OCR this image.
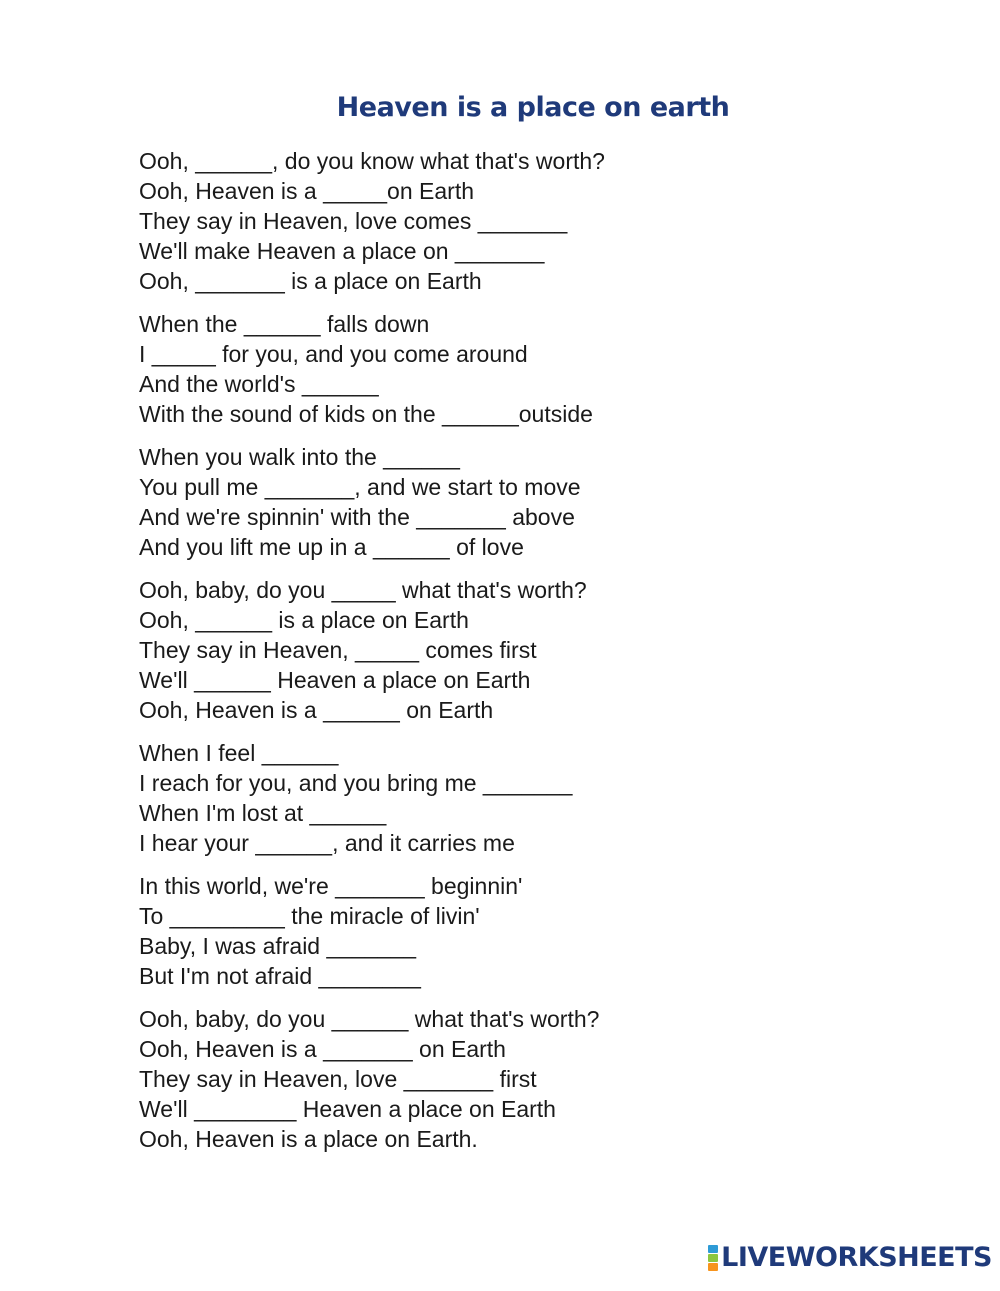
Heaven is a place on earth
Ooh, ______, do you know what that's worth?
Ooh, Heaven is a _____on Earth
They say in Heaven, love comes _______
We'll make Heaven a place on _______
Ooh, _______ is a place on Earth
When the ______ falls down
I _____ for you, and you come around
And the world's ______
With the sound of kids on the ______outside
When you walk into the ______
You pull me _______, and we start to move
And we're spinnin' with the _______ above
And you lift me up in a ______ of love
Ooh, baby, do you _____ what that's worth?
Ooh, ______ is a place on Earth
They say in Heaven, _____ comes first
We'll ______ Heaven a place on Earth
Ooh, Heaven is a ______ on Earth
When I feel ______
I reach for you, and you bring me _______
When I'm lost at ______
I hear your ______, and it carries me
In this world, we're _______ beginnin'
To _________ the miracle of livin'
Baby, I was afraid _______
But I'm not afraid ________
Ooh, baby, do you ______ what that's worth?
Ooh, Heaven is a _______ on Earth
They say in Heaven, love _______ first
We'll ________ Heaven a place on Earth
Ooh, Heaven is a place on Earth.
LIVEWORKSHEETS
